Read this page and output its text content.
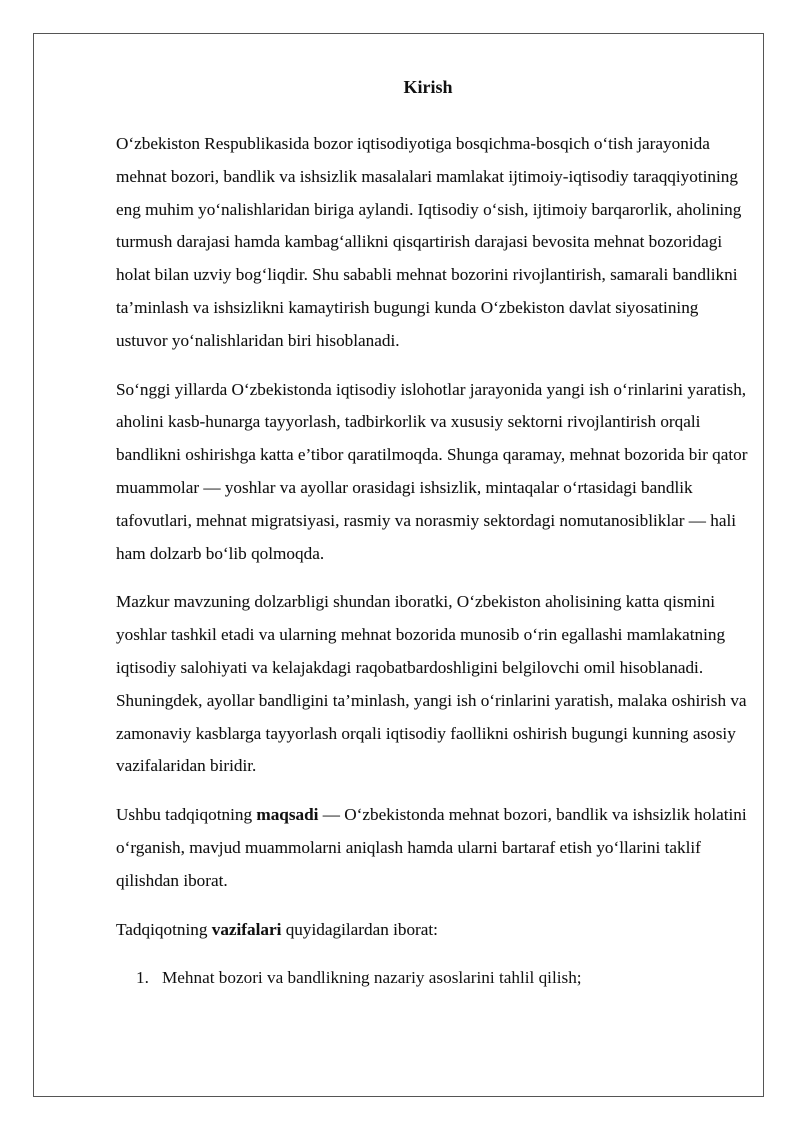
Kirish

O‘zbekiston Respublikasida bozor iqtisodiyotiga bosqichma-bosqich o‘tish jarayonida mehnat bozori, bandlik va ishsizlik masalalari mamlakat ijtimoiy-iqtisodiy taraqqiyotining eng muhim yo‘nalishlaridan biriga aylandi. Iqtisodiy o‘sish, ijtimoiy barqarorlik, aholining turmush darajasi hamda kambag‘allikni qisqartirish darajasi bevosita mehnat bozoridagi holat bilan uzviy bog‘liqdir. Shu sababli mehnat bozorini rivojlantirish, samarali bandlikni ta’minlash va ishsizlikni kamaytirish bugungi kunda O‘zbekiston davlat siyosatining ustuvor yo‘nalishlaridan biri hisoblanadi.

So‘nggi yillarda O‘zbekistonda iqtisodiy islohotlar jarayonida yangi ish o‘rinlarini yaratish, aholini kasb-hunarga tayyorlash, tadbirkorlik va xususiy sektorni rivojlantirish orqali bandlikni oshirishga katta e’tibor qaratilmoqda. Shunga qaramay, mehnat bozorida bir qator muammolar — yoshlar va ayollar orasidagi ishsizlik, mintaqalar o‘rtasidagi bandlik tafovutlari, mehnat migratsiyasi, rasmiy va norasmiy sektordagi nomutanosibliklar — hali ham dolzarb bo‘lib qolmoqda.

Mazkur mavzuning dolzarbligi shundan iboratki, O‘zbekiston aholisining katta qismini yoshlar tashkil etadi va ularning mehnat bozorida munosib o‘rin egallashi mamlakatning iqtisodiy salohiyati va kelajakdagi raqobatbardoshligini belgilovchi omil hisoblanadi. Shuningdek, ayollar bandligini ta’minlash, yangi ish o‘rinlarini yaratish, malaka oshirish va zamonaviy kasblarga tayyorlash orqali iqtisodiy faollikni oshirish bugungi kunning asosiy vazifalaridan biridir.

Ushbu tadqiqotning maqsadi — O‘zbekistonda mehnat bozori, bandlik va ishsizlik holatini o‘rganish, mavjud muammolarni aniqlash hamda ularni bartaraf etish yo‘llarini taklif qilishdan iborat.

Tadqiqotning vazifalari quyidagilardan iborat:

1. Mehnat bozori va bandlikning nazariy asoslarini tahlil qilish;
